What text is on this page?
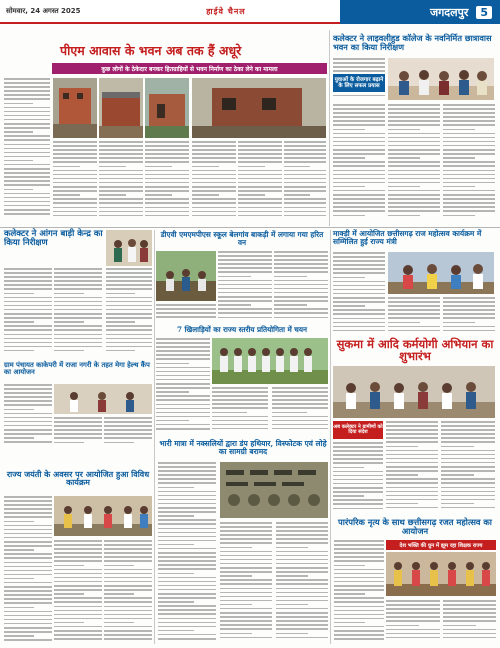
सोमवार, 24 अगस्त 2025	हाईवे चैनल	जगदलपुर	5
पीएम आवास के भवन अब तक हैं अधूरे
कुछ लोगों के ठेकेदार बनकर हितग्राहियों से भवन निर्माण का ठेका लेने का मामला
कलेक्टर ने लाइवलीहुड कॉलेज के नवनिर्मित छात्रावास भवन का किया निरीक्षण
युवाओं के रोजगार बढ़ाने के लिए सफल प्रयास
कलेक्टर ने आंगन बाड़ी केन्द्र का किया निरीक्षण
डीएवी एमएमपीएस स्कूल बेलगांव बाकड़ी में लगाया गया हरित वन
माक्ड़ी में आयोजित छत्तीसगढ़ राज महोत्सव कार्यक्रम में सम्मिलित हुई राज्य मंत्री
सुकमा में आदि कर्मयोगी अभियान का शुभारंभ
अब कलेक्टर ने ग्रामीणों को दिया संदेश
7 खिलाड़ियों का राज्य स्तरीय प्रतियोगिता में चयन
ग्राम पंचायत काकेपरी में राजा नगरी के तहत मेगा हेल्थ कैंप का आयोजन
राज्य जयंती के अवसर पर आयोजित हुआ विविध कार्यक्रम
भारी मात्रा में नक्सलियों द्वारा डंप हथियार, विस्फोटक एवं लोहे का सामग्री बरामद
पारंपरिक नृत्य के साथ छत्तीसगढ़ रजत महोत्सव का आयोजन
देश भक्ति की धुन में झूम रहा शिक्षक राज्य
